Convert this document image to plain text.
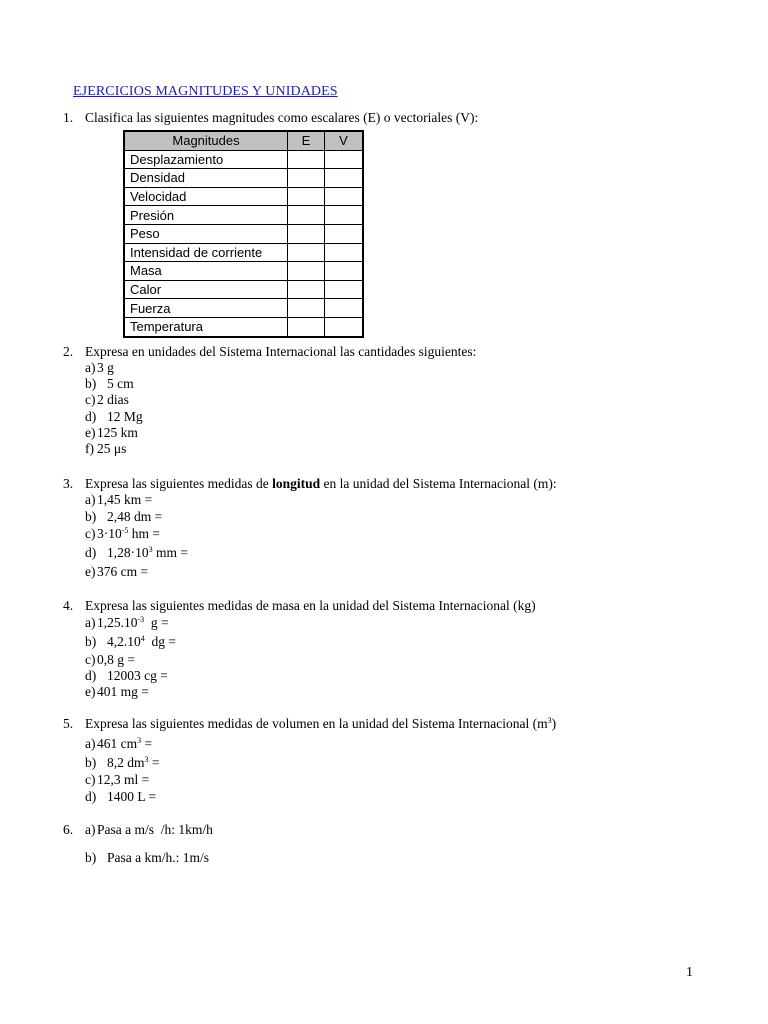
EJERCICIOS MAGNITUDES Y UNIDADES
1. Clasifica las siguientes magnitudes como escalares (E) o vectoriales (V):
Magnitudes	E	V
Desplazamiento		
Densidad		
Velocidad		
Presión		
Peso		
Intensidad de corriente		
Masa		
Calor		
Fuerza		
Temperatura		
2. Expresa en unidades del Sistema Internacional las cantidades siguientes:
a) 3 g
b) 5 cm
c) 2 dias
d) 12 Mg
e) 125 km
f) 25 μs
3. Expresa las siguientes medidas de longitud en la unidad del Sistema Internacional (m):
a) 1,45 km =
b) 2,48 dm =
c) $3\cdot 10^{-5}$ hm =
d) $1,28\cdot 10^3$ mm =
e) 376 cm =
4. Expresa las siguientes medidas de masa en la unidad del Sistema Internacional (kg)
a) $1,25.10^{-3}$  g =
b) 4,2.10$^4$  dg =
c) 0,8 g =
d) 12003 cg =
e) 401 mg =
5. Expresa las siguientes medidas de volumen en la unidad del Sistema Internacional $(m^3)$
a) 461 $cm^3$ =
b) 8,2 $dm^3$ =
c) 12,3 ml =
d) 1400 L =
6. a) Pasa a m/s  /h: 1km/h
b) Pasa a km/h.: 1m/s
1
